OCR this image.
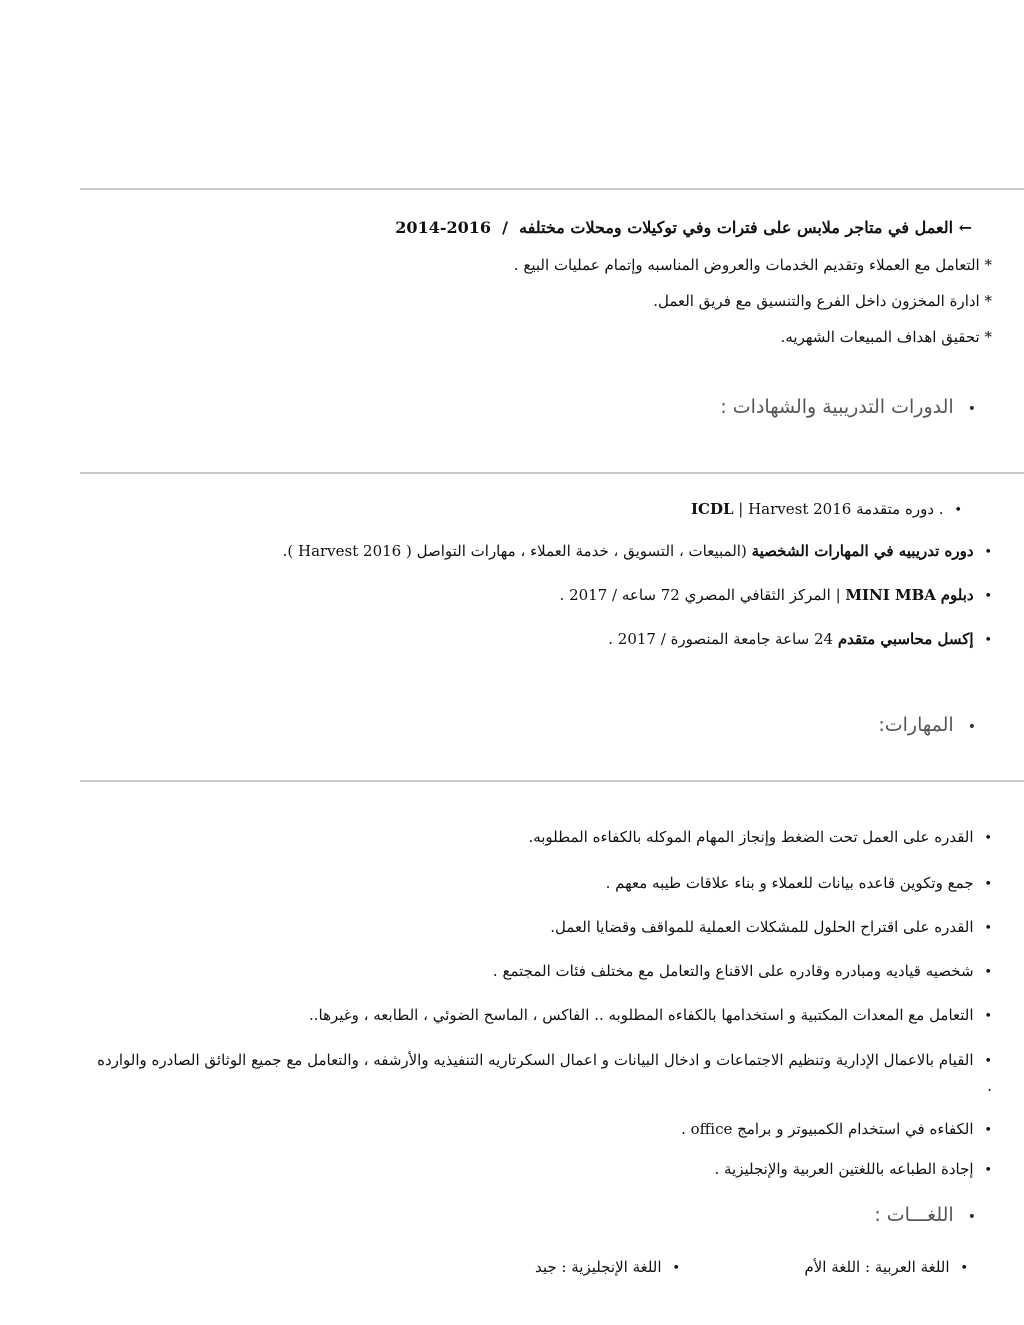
← العمل في متاجر ملابس على فترات وفي توكيلات ومحلات مختلفه  /  2014-2016
* التعامل مع العملاء وتقديم الخدمات والعروض المناسبه وإتمام عمليات البيع .
* ادارة المخزون داخل الفرع والتنسيق مع فريق العمل.
* تحقيق اهداف المبيعات الشهريه.
• الدورات التدريبية والشهادات :
• . دوره متقدمة ICDL | Harvest 2016
• دوره تدريبيه في المهارات الشخصية (المبيعات ، التسويق ، خدمة العملاء ، مهارات التواصل ( Harvest 2016 ).
• دبلوم MINI MBA | المركز الثقافي المصري 72 ساعه / 2017 .
• إكسل محاسبي متقدم 24 ساعة جامعة المنصورة / 2017 .
• المهارات:
• القدره على العمل تحت الضغط وإنجاز المهام الموكله بالكفاءه المطلوبه.
• جمع وتكوين قاعده بيانات للعملاء و بناء علاقات طيبه معهم .
• القدره على اقتراح الحلول للمشكلات العملية للمواقف وقضايا العمل.
• شخصيه قياديه ومبادره وقادره على الاقناع والتعامل مع مختلف فئات المجتمع .
• التعامل مع المعدات المكتبية و استخدامها بالكفاءه المطلوبه .. الفاكس ، الماسح الضوئي ، الطابعه ، وغيرها..
• القيام بالاعمال الإدارية وتنظيم الاجتماعات و ادخال البيانات و اعمال السكرتاريه التنفيذيه والأرشفه ، والتعامل مع جميع الوثائق الصادره والوارده .
• الكفاءه في استخدام الكمبيوتر و برامج office .
• إجادة الطباعه باللغتين العربية والإنجليزية .
• اللغـــات :
• اللغة العربية : اللغة الأم
• اللغة الإنجليزية : جيد
